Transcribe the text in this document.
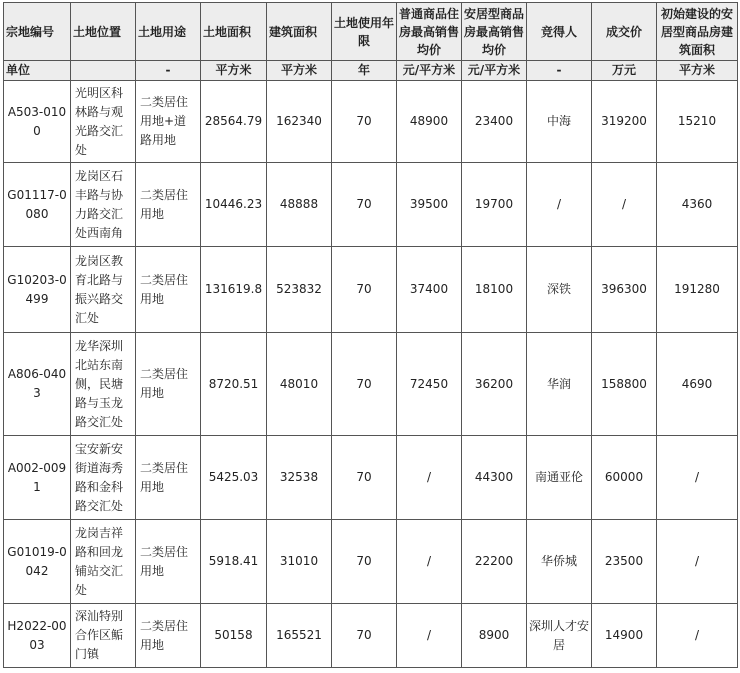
宗地编号	土地位置	土地用途	土地面积	建筑面积	土地使用年限	普通商品住房最高销售均价	安居型商品房最高销售均价	竞得人	成交价	初始建设的安居型商品房建筑面积
单位		-	平方米	平方米	年	元/平方米	元/平方米	-	万元	平方米
A503-0100	光明区科林路与观光路交汇处	二类居住用地+道路用地	28564.79	162340	70	48900	23400	中海	319200	15210
G01117-0080	龙岗区石丰路与协力路交汇处西南角	二类居住用地	10446.23	48888	70	39500	19700	/	/	4360
G10203-0499	龙岗区教育北路与振兴路交汇处	二类居住用地	131619.8	523832	70	37400	18100	深铁	396300	191280
A806-0403	龙华深圳北站东南侧，民塘路与玉龙路交汇处	二类居住用地	8720.51	48010	70	72450	36200	华润	158800	4690
A002-0091	宝安新安街道海秀路和金科路交汇处	二类居住用地	5425.03	32538	70	/	44300	南通亚伦	60000	/
G01019-0042	龙岗吉祥路和回龙铺站交汇处	二类居住用地	5918.41	31010	70	/	22200	华侨城	23500	/
H2022-0003	深汕特别合作区鲘门镇	二类居住用地	50158	165521	70	/	8900	深圳人才安居	14900	/
